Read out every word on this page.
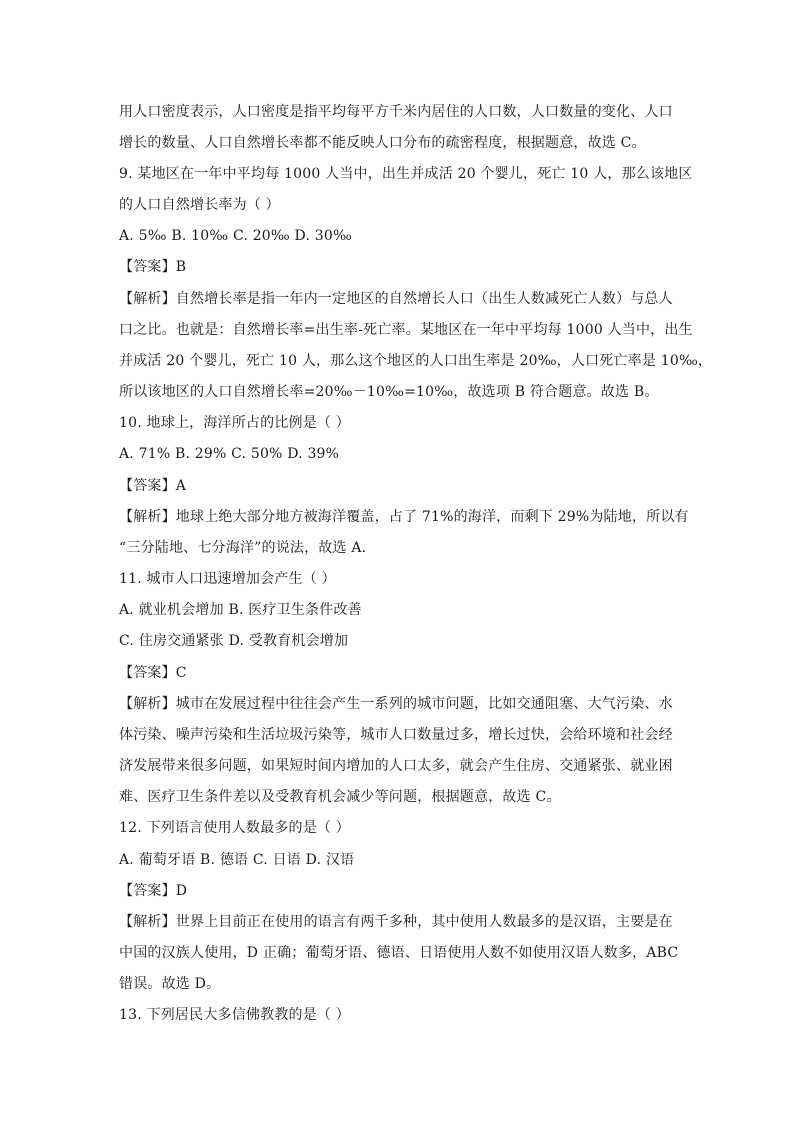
用人口密度表示，人口密度是指平均每平方千米内居住的人口数，人口数量的变化、人口
增长的数量、人口自然增长率都不能反映人口分布的疏密程度，根据题意，故选 C。
9. 某地区在一年中平均每 1000 人当中，出生并成活 20 个婴儿，死亡 10 人，那么该地区
的人口自然增长率为（ ）
A. 5‰ B. 10‰ C. 20‰ D. 30‰
【答案】B
【解析】自然增长率是指一年内一定地区的自然增长人口（出生人数减死亡人数）与总人
口之比。也就是：自然增长率=出生率-死亡率。某地区在一年中平均每 1000 人当中，出生
并成活 20 个婴儿，死亡 10 人，那么这个地区的人口出生率是 20‰，人口死亡率是 10‰，
所以该地区的人口自然增长率=20‰－10‰=10‰，故选项 B 符合题意。故选 B。
10. 地球上，海洋所占的比例是（ ）
A. 71% B. 29% C. 50% D. 39%
【答案】A
【解析】地球上绝大部分地方被海洋覆盖，占了 71%的海洋，而剩下 29%为陆地，所以有
“三分陆地、七分海洋”的说法，故选 A．
11. 城市人口迅速增加会产生（ ）
A. 就业机会增加 B. 医疗卫生条件改善
C. 住房交通紧张 D. 受教育机会增加
【答案】C
【解析】城市在发展过程中往往会产生一系列的城市问题，比如交通阻塞、大气污染、水
体污染、噪声污染和生活垃圾污染等，城市人口数量过多，增长过快，会给环境和社会经
济发展带来很多问题，如果短时间内增加的人口太多，就会产生住房、交通紧张、就业困
难、医疗卫生条件差以及受教育机会减少等问题，根据题意，故选 C。
12. 下列语言使用人数最多的是（ ）
A. 葡萄牙语 B. 德语 C. 日语 D. 汉语
【答案】D
【解析】世界上目前正在使用的语言有两千多种，其中使用人数最多的是汉语，主要是在
中国的汉族人使用，D 正确；葡萄牙语、德语、日语使用人数不如使用汉语人数多，ABC
错误。故选 D。
13. 下列居民大多信佛教教的是（ ）
